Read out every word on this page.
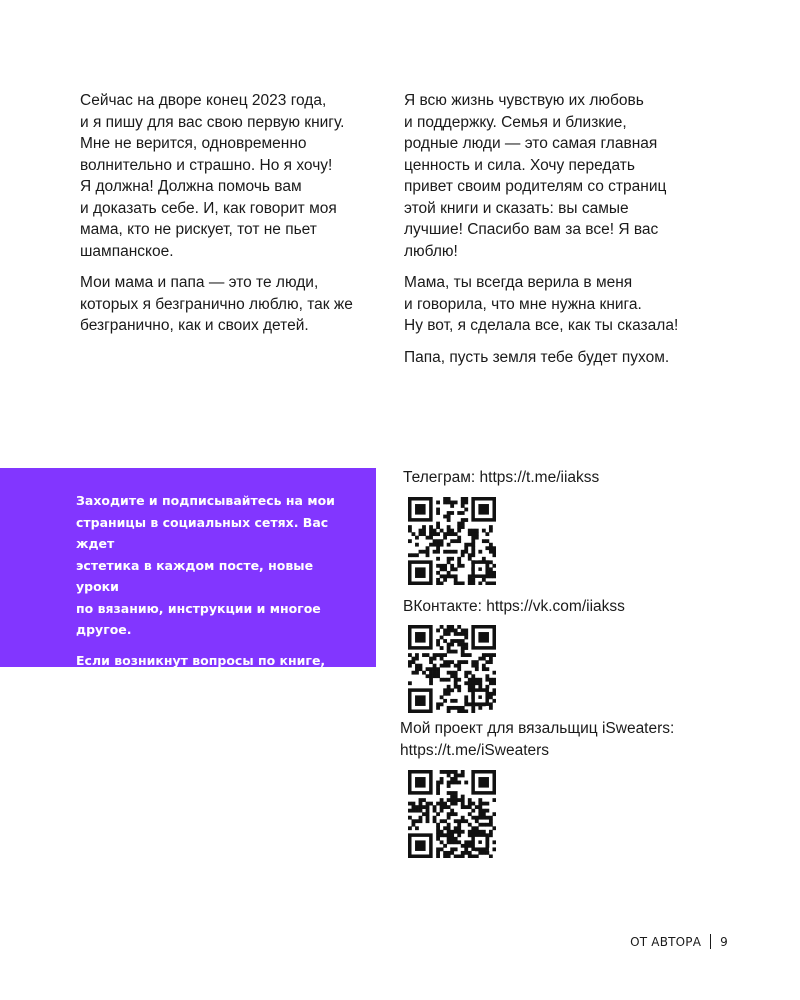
Сейчас на дворе конец 2023 года,
и я пишу для вас свою первую книгу.
Мне не верится, одновременно
волнительно и страшно. Но я хочу!
Я должна! Должна помочь вам
и доказать себе. И, как говорит моя
мама, кто не рискует, тот не пьет
шампанское.

Мои мама и папа — это те люди,
которых я безгранично люблю, так же
безгранично, как и своих детей.

Я всю жизнь чувствую их любовь
и поддержку. Семья и близкие,
родные люди — это самая главная
ценность и сила. Хочу передать
привет своим родителям со страниц
этой книги и сказать: вы самые
лучшие! Спасибо вам за все! Я вас
люблю!

Мама, ты всегда верила в меня
и говорила, что мне нужна книга.
Ну вот, я сделала все, как ты сказала!

Папа, пусть земля тебе будет пухом.

Заходите и подписывайтесь на мои
страницы в социальных сетях. Вас ждет
эстетика в каждом посте, новые уроки
по вязанию, инструкции и многое другое.

Если возникнут вопросы по книге,
вы всегда сможете задать их на любой
из страниц:

Телеграм: https://t.me/iiakss
ВКонтакте: https://vk.com/iiakss
Мой проект для вязальщиц iSweaters:
https://t.me/iSweaters
ОТ АВТОРА 9
